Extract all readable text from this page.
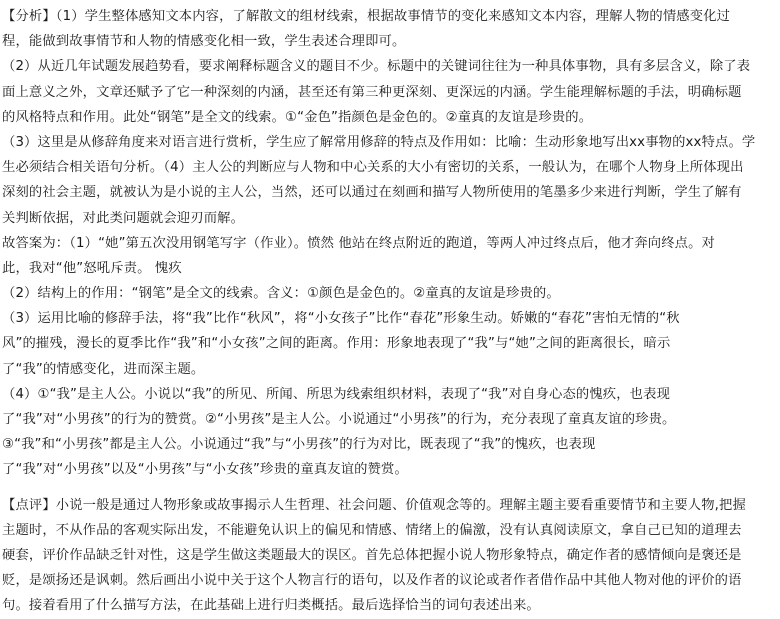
【分析】（1）学生整体感知文本内容，了解散文的组材线索，根据故事情节的变化来感知文本内容，理解人物的情感变化过
程，能做到故事情节和人物的情感变化相一致，学生表述合理即可。
（2）从近几年试题发展趋势看，要求阐释标题含义的题目不少。标题中的关键词往往为一种具体事物，具有多层含义，除了表
面上意义之外，文章还赋予了它一种深刻的内涵，甚至还有第三种更深刻、更深远的内涵。学生能理解标题的手法，明确标题
的风格特点和作用。此处“钢笔”是全文的线索。①“金色”指颜色是金色的。②童真的友谊是珍贵的。
（3）这里是从修辞角度来对语言进行赏析，学生应了解常用修辞的特点及作用如：比喻：生动形象地写出xx事物的xx特点。学
生必须结合相关语句分析。（4）主人公的判断应与人物和中心关系的大小有密切的关系，一般认为，在哪个人物身上所体现出
深刻的社会主题，就被认为是小说的主人公，当然，还可以通过在刻画和描写人物所使用的笔墨多少来进行判断，学生了解有
关判断依据，对此类问题就会迎刃而解。
故答案为：（1）“她”第五次没用钢笔写字（作业）。愤然 他站在终点附近的跑道，等两人冲过终点后，他才奔向终点。对
此，我对“他”怒吼斥责。 愧疚
（2）结构上的作用：“钢笔”是全文的线索。含义：①颜色是金色的。②童真的友谊是珍贵的。
（3）运用比喻的修辞手法，将“我”比作“秋风”，将“小女孩子”比作“春花”形象生动。娇嫩的“春花”害怕无情的“秋
风”的摧残，漫长的夏季比作“我”和“小女孩”之间的距离。作用：形象地表现了“我”与“她”之间的距离很长，暗示
了“我”的情感变化，进而深主题。
（4）①“我”是主人公。小说以“我”的所见、所闻、所思为线索组织材料，表现了“我”对自身心态的愧疚，也表现
了“我”对“小男孩”的行为的赞赏。②“小男孩”是主人公。小说通过“小男孩”的行为，充分表现了童真友谊的珍贵。
③“我”和“小男孩”都是主人公。小说通过“我”与“小男孩”的行为对比，既表现了“我”的愧疚，也表现
了“我”对“小男孩”以及“小男孩”与“小女孩”珍贵的童真友谊的赞赏。
【点评】小说一般是通过人物形象或故事揭示人生哲理、社会问题、价值观念等的。理解主题主要看重要情节和主要人物,把握
主题时，不从作品的客观实际出发，不能避免认识上的偏见和情感、情绪上的偏激，没有认真阅读原文，拿自己已知的道理去
硬套，评价作品缺乏针对性，这是学生做这类题最大的误区。首先总体把握小说人物形象特点，确定作者的感情倾向是褒还是
贬，是颂扬还是讽刺。然后画出小说中关于这个人物言行的语句，以及作者的议论或者作者借作品中其他人物对他的评价的语
句。接着看用了什么描写方法，在此基础上进行归类概括。最后选择恰当的词句表述出来。
